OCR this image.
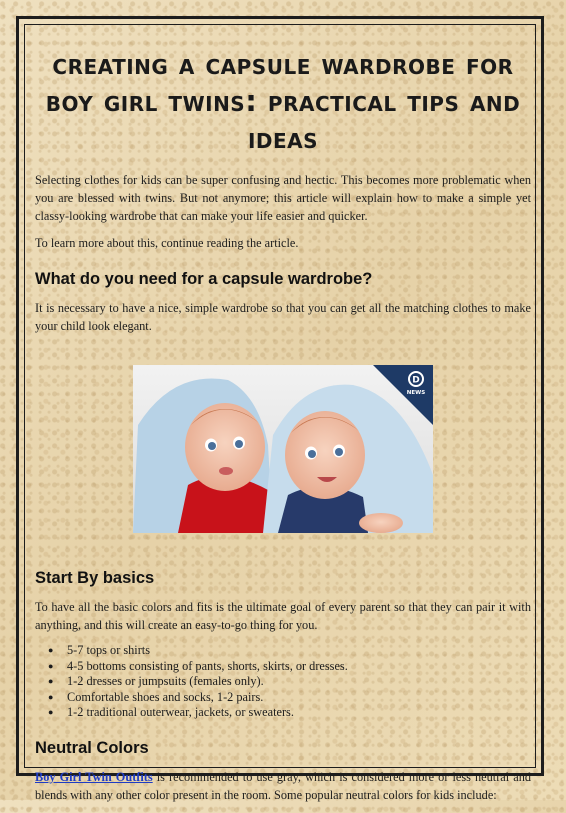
creating a capsule wardrobe for boy girl twins: practical tips and ideas

Selecting clothes for kids can be super confusing and hectic. This becomes more problematic when you are blessed with twins. But not anymore; this article will explain how to make a simple yet classy-looking wardrobe that can make your life easier and quicker.

To learn more about this, continue reading the article.

What do you need for a capsule wardrobe?

It is necessary to have a nice, simple wardrobe so that you can get all the matching clothes to make your child look elegant.

D
NEWS
Start By basics

To have all the basic colors and fits is the ultimate goal of every parent so that they can pair it with anything, and this will create an easy-to-go thing for you.

● 5-7 tops or shirts
● 4-5 bottoms consisting of pants, shorts, skirts, or dresses.
● 1-2 dresses or jumpsuits (females only).
● Comfortable shoes and socks, 1-2 pairs.
● 1-2 traditional outerwear, jackets, or sweaters.
Neutral Colors

Boy Girl Twin Outfits is recommended to use gray, which is considered more or less neutral and blends with any other color present in the room. Some popular neutral colors for kids include:
